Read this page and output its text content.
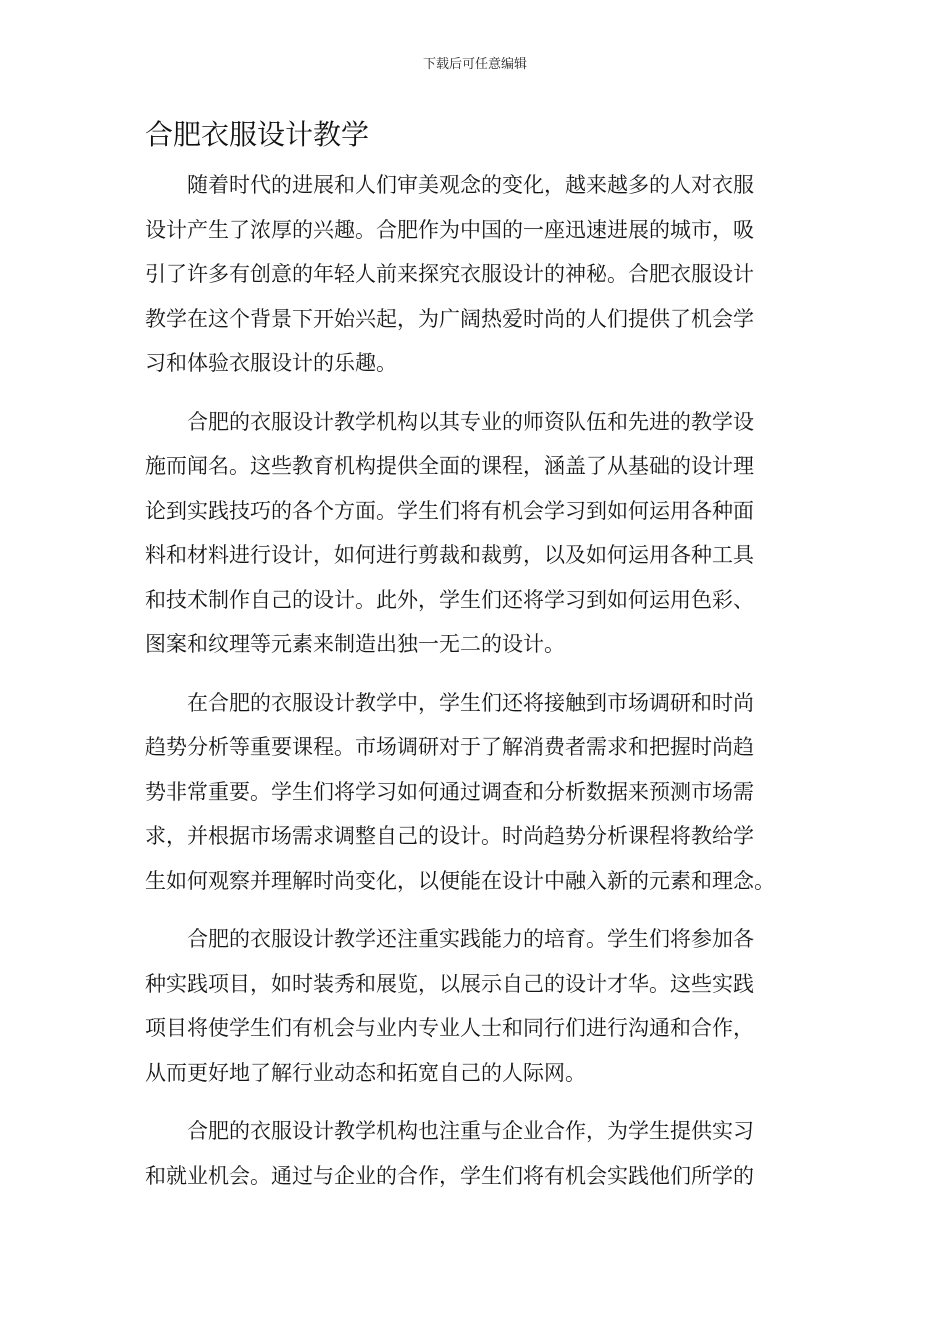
下载后可任意编辑
合肥衣服设计教学

随着时代的进展和人们审美观念的变化，越来越多的人对衣服
设计产生了浓厚的兴趣。合肥作为中国的一座迅速进展的城市，吸
引了许多有创意的年轻人前来探究衣服设计的神秘。合肥衣服设计
教学在这个背景下开始兴起，为广阔热爱时尚的人们提供了机会学
习和体验衣服设计的乐趣。

合肥的衣服设计教学机构以其专业的师资队伍和先进的教学设
施而闻名。这些教育机构提供全面的课程，涵盖了从基础的设计理
论到实践技巧的各个方面。学生们将有机会学习到如何运用各种面
料和材料进行设计，如何进行剪裁和裁剪，以及如何运用各种工具
和技术制作自己的设计。此外，学生们还将学习到如何运用色彩、
图案和纹理等元素来制造出独一无二的设计。

在合肥的衣服设计教学中，学生们还将接触到市场调研和时尚
趋势分析等重要课程。市场调研对于了解消费者需求和把握时尚趋
势非常重要。学生们将学习如何通过调查和分析数据来预测市场需
求，并根据市场需求调整自己的设计。时尚趋势分析课程将教给学
生如何观察并理解时尚变化，以便能在设计中融入新的元素和理念。

合肥的衣服设计教学还注重实践能力的培育。学生们将参加各
种实践项目，如时装秀和展览，以展示自己的设计才华。这些实践
项目将使学生们有机会与业内专业人士和同行们进行沟通和合作，
从而更好地了解行业动态和拓宽自己的人际网。

合肥的衣服设计教学机构也注重与企业合作，为学生提供实习
和就业机会。通过与企业的合作，学生们将有机会实践他们所学的
